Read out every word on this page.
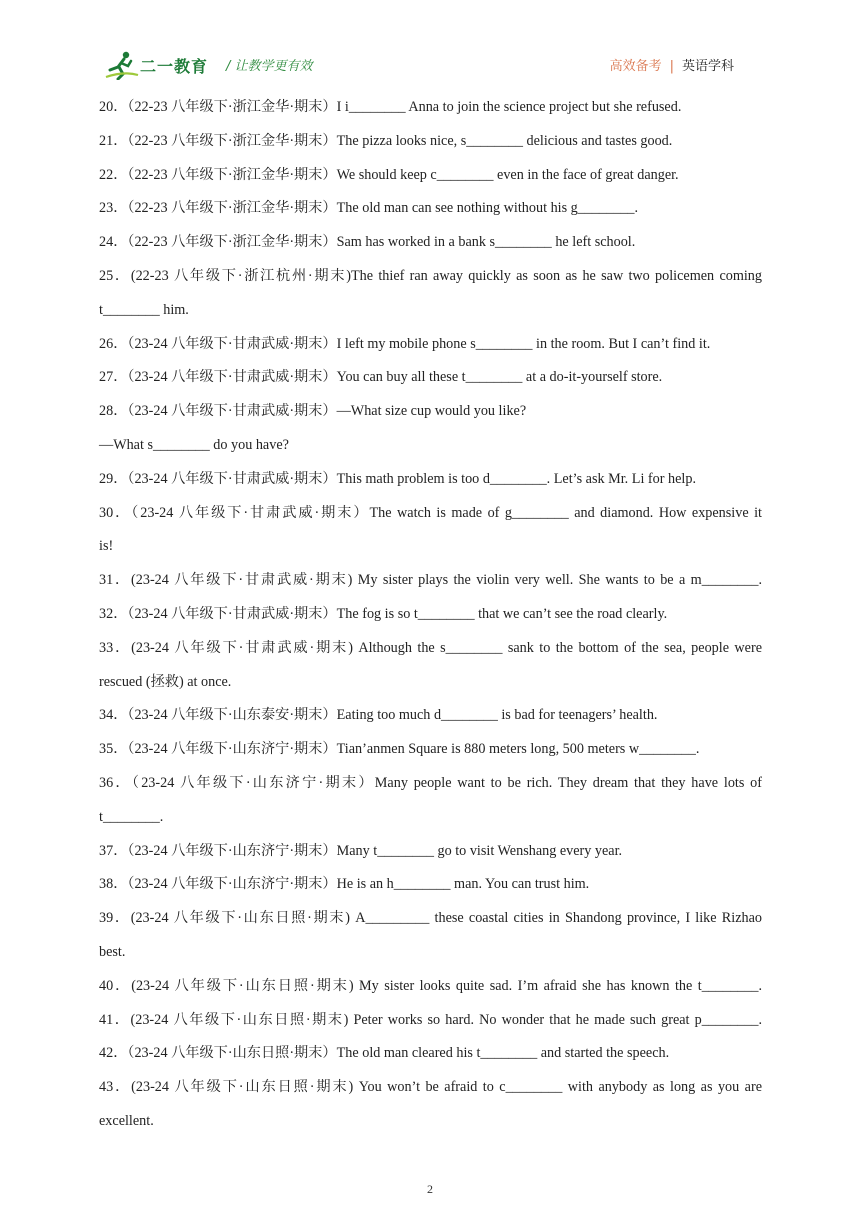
二一教育 / 让教学更有效	高效备考 | 英语学科
20．（22-23 八年级下·浙江金华·期末）I i________ Anna to join the science project but she refused.
21．（22-23 八年级下·浙江金华·期末）The pizza looks nice, s________ delicious and tastes good.
22．（22-23 八年级下·浙江金华·期末）We should keep c________ even in the face of great danger.
23．（22-23 八年级下·浙江金华·期末）The old man can see nothing without his g________.
24．（22-23 八年级下·浙江金华·期末）Sam has worked in a bank s________ he left school.
25．(22-23 八年级下·浙江杭州·期末)The thief ran away quickly as soon as he saw two policemen coming
t________ him.
26．（23-24 八年级下·甘肃武威·期末）I left my mobile phone s________ in the room. But I can’t find it.
27．（23-24 八年级下·甘肃武威·期末）You can buy all these t________ at a do-it-yourself store.
28．（23-24 八年级下·甘肃武威·期末）—What size cup would you like?
—What s________ do you have?
29．（23-24 八年级下·甘肃武威·期末）This math problem is too d________. Let’s ask Mr. Li for help.
30．（23-24 八年级下·甘肃武威·期末）The watch is made of g________ and diamond. How expensive it
is!
31．(23-24 八年级下·甘肃武威·期末) My sister plays the violin very well. She wants to be a m________.
32．（23-24 八年级下·甘肃武威·期末）The fog is so t________ that we can’t see the road clearly.
33．(23-24 八年级下·甘肃武威·期末) Although the s________ sank to the bottom of the sea, people were
rescued (拯救) at once.
34．（23-24 八年级下·山东泰安·期末）Eating too much d________ is bad for teenagers’ health.
35．（23-24 八年级下·山东济宁·期末）Tian’anmen Square is 880 meters long, 500 meters w________.
36．（23-24 八年级下·山东济宁·期末）Many people want to be rich. They dream that they have lots of
t________.
37．（23-24 八年级下·山东济宁·期末）Many t________ go to visit Wenshang every year.
38．（23-24 八年级下·山东济宁·期末）He is an h________ man. You can trust him.
39．(23-24 八年级下·山东日照·期末) A_________ these coastal cities in Shandong province, I like Rizhao
best.
40．(23-24 八年级下·山东日照·期末) My sister looks quite sad. I’m afraid she has known the t________.
41．(23-24 八年级下·山东日照·期末) Peter works so hard. No wonder that he made such great p________.
42．（23-24 八年级下·山东日照·期末）The old man cleared his t________ and started the speech.
43．(23-24 八年级下·山东日照·期末) You won’t be afraid to c________ with anybody as long as you are
excellent.
2
